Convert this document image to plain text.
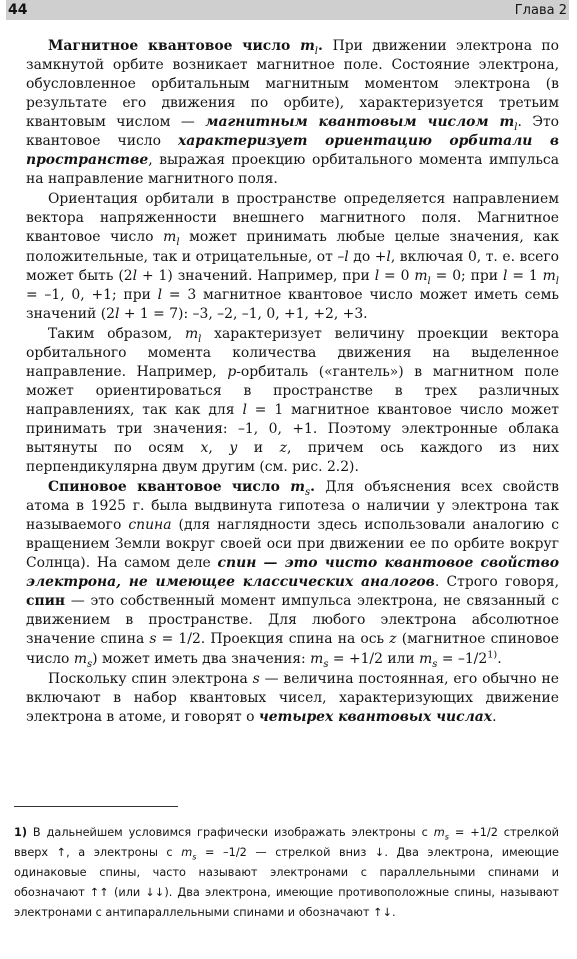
44	Глава 2

Магнитное квантовое число $m_l$. При движении электрона по замкнутой орбите возникает магнитное поле. Состояние электрона, обусловленное орбитальным магнитным моментом электрона (в результате его движения по орбите), характеризуется третьим квантовым числом — магнитным квантовым числом $m_l$. Это квантовое число характеризует ориентацию орбитали в пространстве, выражая проекцию орбитального момента импульса на направление магнитного поля.

Ориентация орбитали в пространстве определяется направлением вектора напряженности внешнего магнитного поля. Магнитное квантовое число $m_l$ может принимать любые целые значения, как положительные, так и отрицательные, от –l до +l, включая 0, т. е. всего может быть (2l + 1) значений. Например, при l = 0 $m_l = 0$; при l = 1 $m_l = -1$, 0, +1; при l = 3 магнитное квантовое число может иметь семь значений (2l + 1 = 7): –3, –2, –1, 0, +1, +2, +3.

Таким образом, $m_l$ характеризует величину проекции вектора орбитального момента количества движения на выделенное направление. Например, p-орбиталь («гантель») в магнитном поле может ориентироваться в пространстве в трех различных направлениях, так как для l = 1 магнитное квантовое число может принимать три значения: –1, 0, +1. Поэтому электронные облака вытянуты по осям x, y и z, причем ось каждого из них перпендикулярна двум другим (см. рис. 2.2).

Спиновое квантовое число $m_s$. Для объяснения всех свойств атома в 1925 г. была выдвинута гипотеза о наличии у электрона так называемого спина (для наглядности здесь использовали аналогию с вращением Земли вокруг своей оси при движении ее по орбите вокруг Солнца). На самом деле спин — это чисто квантовое свойство электрона, не имеющее классических аналогов. Строго говоря, спин — это собственный момент импульса электрона, не связанный с движением в пространстве. Для любого электрона абсолютное значение спина s = 1/2. Проекция спина на ось z (магнитное спиновое число $m_s$) может иметь два значения: $m_s = +1/2$ или $m_s = -1/2^{1)}$.

Поскольку спин электрона s — величина постоянная, его обычно не включают в набор квантовых чисел, характеризующих движение электрона в атоме, и говорят о четырех квантовых числах.

1) В дальнейшем условимся графически изображать электроны с $m_s = +1/2$ стрелкой вверх ↑, а электроны с $m_s = -1/2$ — стрелкой вниз ↓. Два электрона, имеющие одинаковые спины, часто называют электронами с параллельными спинами и обозначают ↑↑ (или ↓↓). Два электрона, имеющие противоположные спины, называют электронами с антипараллельными спинами и обозначают ↑↓.
